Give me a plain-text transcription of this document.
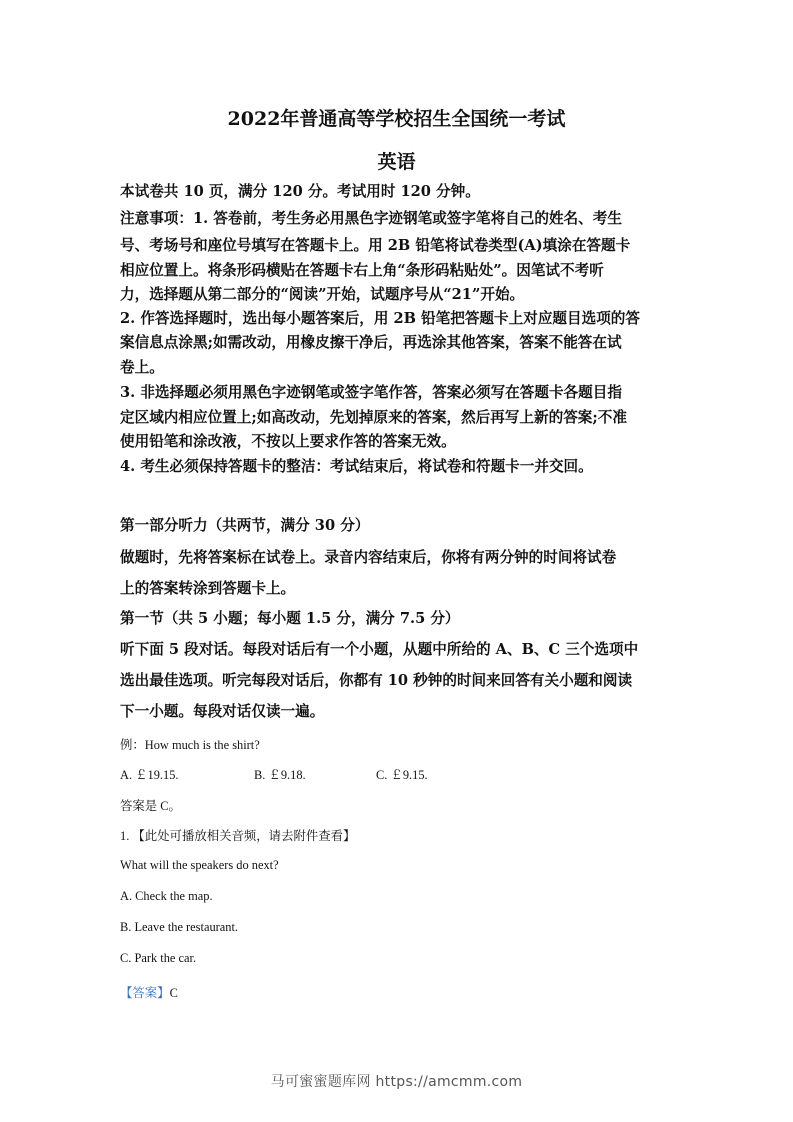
2022年普通高等学校招生全国统一考试
英语
本试卷共 10 页，满分 120 分。考试用时 120 分钟。
注意事项：1. 答卷前，考生务必用黑色字迹钢笔或签字笔将自己的姓名、考生
号、考场号和座位号填写在答题卡上。用 2B 铅笔将试卷类型(A)填涂在答题卡
相应位置上。将条形码横贴在答题卡右上角“条形码粘贴处”。因笔试不考听
力，选择题从第二部分的“阅读”开始，试题序号从“21”开始。
2. 作答选择题时，选出每小题答案后，用 2B 铅笔把答题卡上对应题目选项的答
案信息点涂黑;如需改动，用橡皮擦干净后，再选涂其他答案，答案不能答在试
卷上。
3. 非选择题必须用黑色字迹钢笔或签字笔作答，答案必须写在答题卡各题目指
定区域内相应位置上;如高改动，先划掉原来的答案，然后再写上新的答案;不准
使用铅笔和涂改液，不按以上要求作答的答案无效。
4. 考生必须保持答题卡的整洁：考试结束后，将试卷和符题卡一并交回。
第一部分听力（共两节，满分 30 分）
做题时，先将答案标在试卷上。录音内容结束后，你将有两分钟的时间将试卷
上的答案转涂到答题卡上。
第一节（共 5 小题；每小题 1.5 分，满分 7.5 分）
听下面 5 段对话。每段对话后有一个小题，从题中所给的 A、B、C 三个选项中
选出最佳选项。听完每段对话后，你都有 10 秒钟的时间来回答有关小题和阅读
下一小题。每段对话仅读一遍。
例：How much is the shirt?
A. ￡19.15.	B. ￡9.18.	C. ￡9.15.
答案是 C。
1. 【此处可播放相关音频，请去附件查看】
What will the speakers do next?
A. Check the map.
B. Leave the restaurant.
C. Park the car.
【答案】C
马可蜜蜜题库网 https://amcmm.com
